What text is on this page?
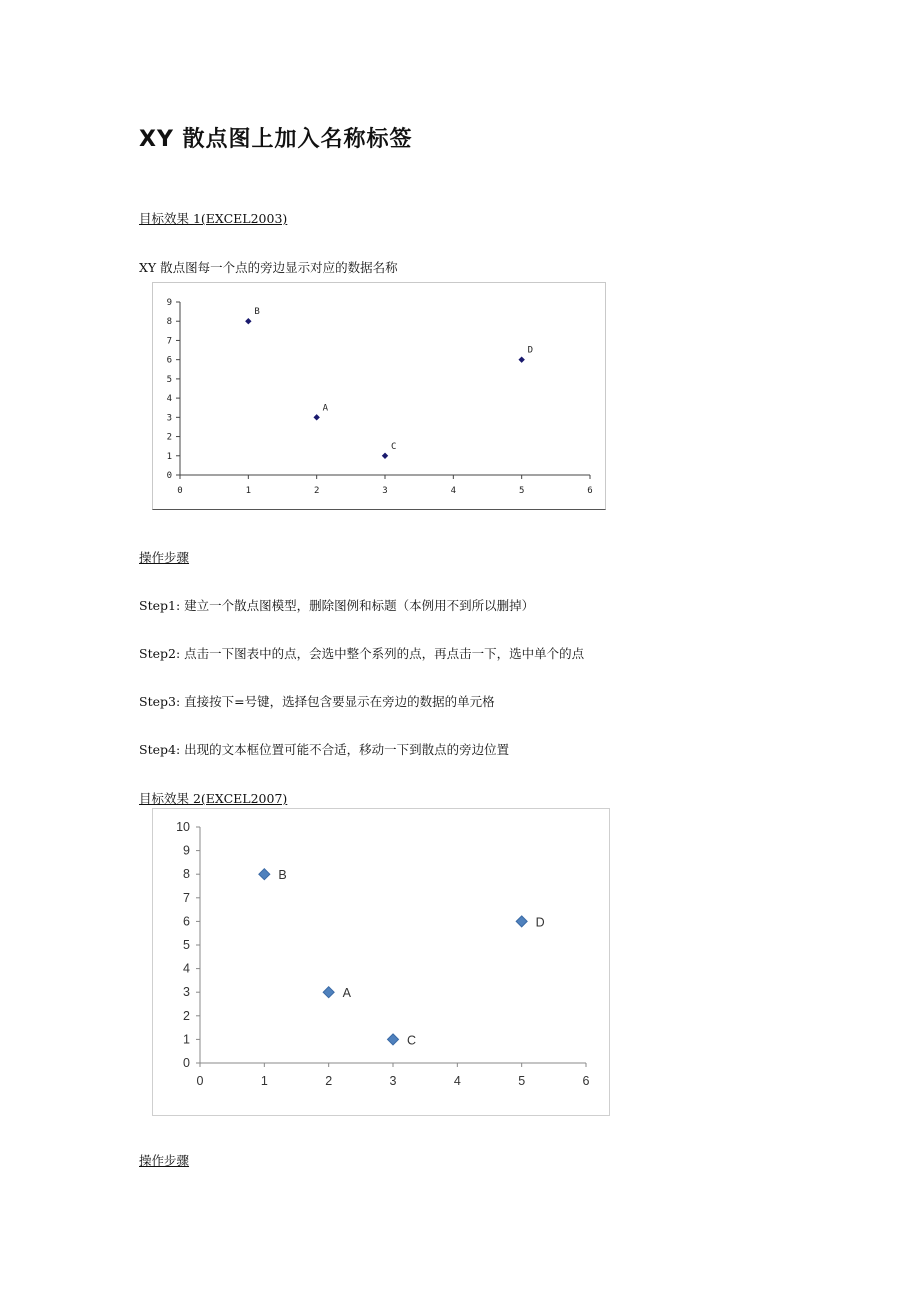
XY 散点图上加入名称标签
目标效果 1(EXCEL2003)
XY 散点图每一个点的旁边显示对应的数据名称
0
1
2
3
4
5
6
7
8
9
0	1	2	3	4	5	6
A
B
C
D
操作步骤
Step1: 建立一个散点图模型，删除图例和标题（本例用不到所以删掉）
Step2: 点击一下图表中的点，会选中整个系列的点，再点击一下，选中单个的点
Step3: 直接按下=号键，选择包含要显示在旁边的数据的单元格
Step4: 出现的文本框位置可能不合适，移动一下到散点的旁边位置
目标效果 2(EXCEL2007)
0
1
2
3
4
5
6
7
8
9
10
0	1	2	3	4	5	6
A
B
C
D
操作步骤
